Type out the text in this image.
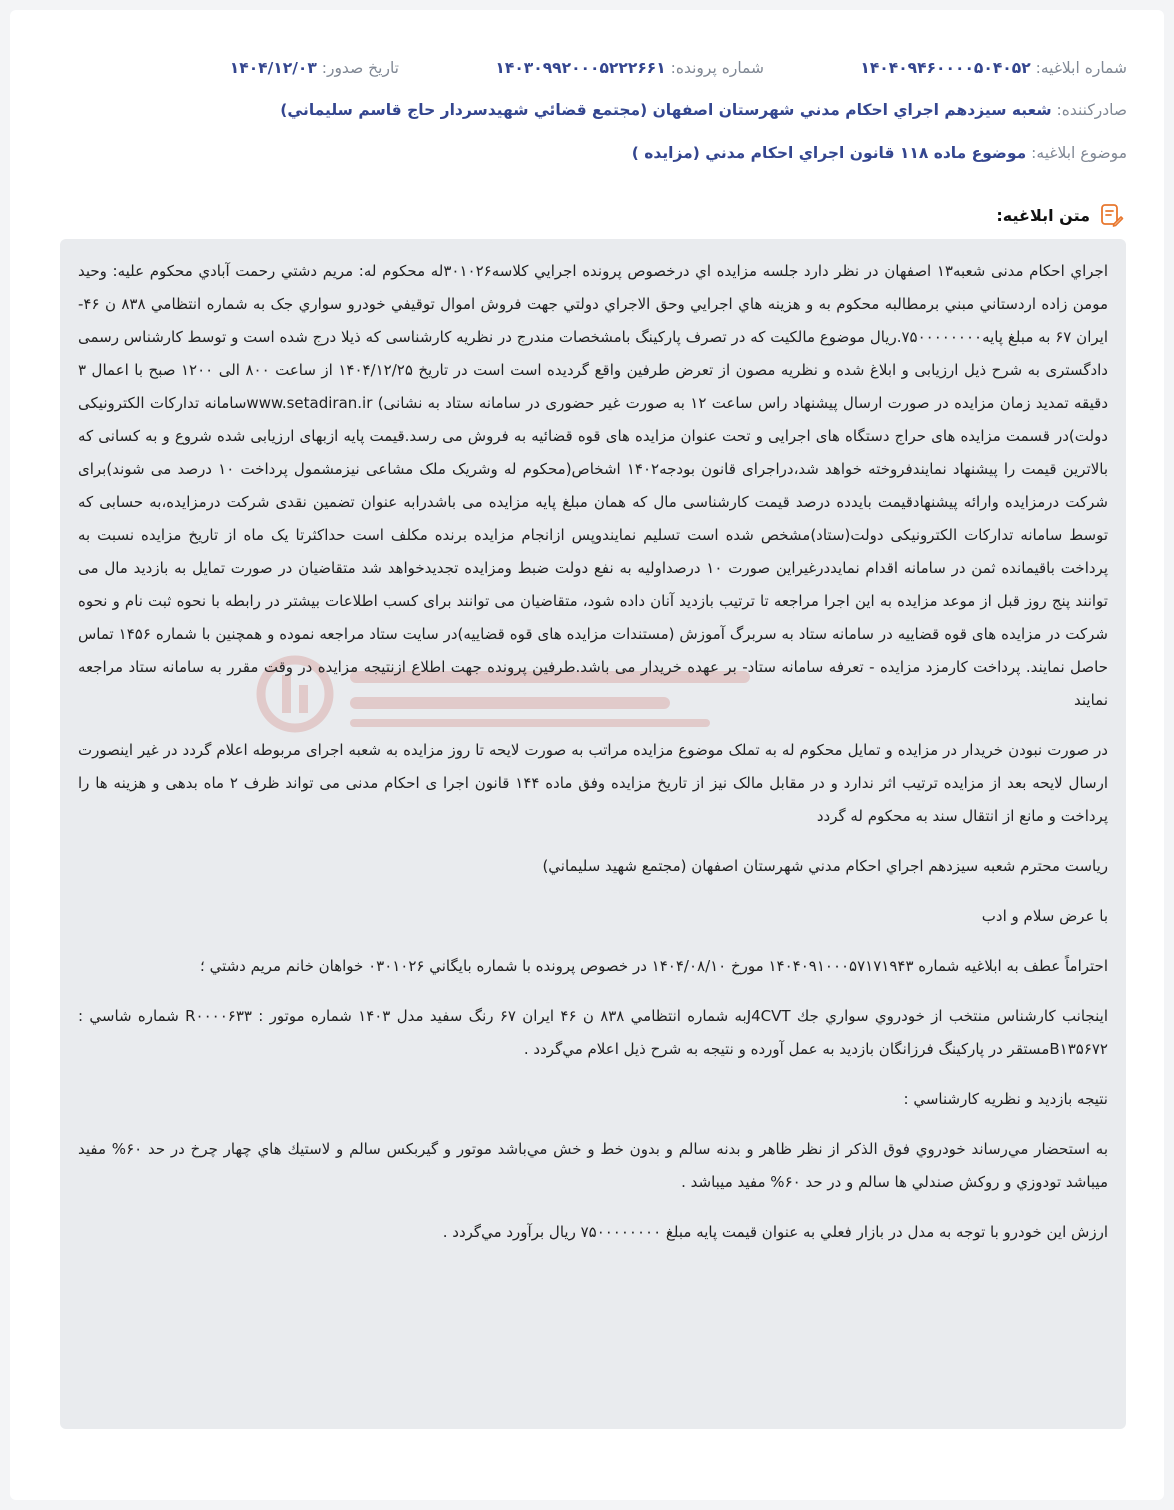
شماره ابلاغيه: ۱۴۰۴۰۹۴۶۰۰۰۰۵۰۴۰۵۲
شماره پرونده: ۱۴۰۳۰۹۹۲۰۰۰۵۲۲۲۶۶۱
تاريخ صدور: ۱۴۰۴/۱۲/۰۳
صادرکننده: شعبه سيزدهم اجراي احکام مدني شهرستان اصفهان (مجتمع قضائي شهيدسردار حاج قاسم سليماني)
موضوع ابلاغيه: موضوع ماده ۱۱۸ قانون اجراي احکام مدني (مزايده )
متن ابلاغيه:

اجراي احکام مدنی شعبه۱۳ اصفهان در نظر دارد جلسه مزايده اي درخصوص پرونده اجرايي کلاسه۳۰۱۰۲۶له محکوم له: مريم دشتي رحمت آبادي محکوم عليه: وحيد مومن زاده اردستاني مبني برمطالبه محکوم به و هزينه هاي اجرايي وحق الاجراي دولتي جهت فروش اموال توقيفي خودرو سواري جک به شماره انتظامي ۸۳۸ ن ۴۶-ايران ۶۷ به مبلغ پايه۷۵۰۰۰۰۰۰۰۰.ريال موضوع مالکيت که در تصرف پارکينگ بامشخصات مندرج در نظريه کارشناسی که ذيلا درج شده است و توسط کارشناس رسمی دادگستری به شرح ذيل ارزيابی و ابلاغ شده و نظريه مصون از تعرض طرفين واقع گرديده است است در تاريخ ۱۴۰۴/۱۲/۲۵ از ساعت ۸۰۰ الی ۱۲۰۰ صبح با اعمال ۳ دقيقه تمديد زمان مزايده در صورت ارسال پيشنهاد راس ساعت ۱۲ به صورت غير حضوری در سامانه ستاد به نشانی) www.setadiran.irسامانه تدارکات الکترونيکی دولت)در قسمت مزايده های حراج دستگاه های اجرايی و تحت عنوان مزايده های قوه قضائيه به فروش می رسد.قيمت پايه ازبهای ارزيابی شده شروع و به کسانی که بالاترين قيمت را پيشنهاد نمايندفروخته خواهد شد،دراجرای قانون بودجه۱۴۰۲ اشخاص(محکوم له وشريک ملک مشاعی نيزمشمول پرداخت ۱۰ درصد می شوند)برای شرکت درمزايده وارائه پيشنهادقيمت بايدده درصد قيمت کارشناسی مال که همان مبلغ پايه مزايده می باشدرابه عنوان تضمين نقدی شرکت درمزايده،به حسابی که توسط سامانه تدارکات الکترونيکی دولت(ستاد)مشخص شده است تسليم نمايندوپس ازانجام مزايده برنده مکلف است حداکثرتا يک ماه از تاريخ مزايده نسبت به پرداخت باقيمانده ثمن در سامانه اقدام نمايددرغيراين صورت ۱۰ درصداوليه به نفع دولت ضبط ومزايده تجديدخواهد شد متقاضيان در صورت تمايل به بازديد مال می توانند پنج روز قبل از موعد مزايده به اين اجرا مراجعه تا ترتيب بازديد آنان داده شود، متقاضيان می توانند برای کسب اطلاعات بيشتر در رابطه با نحوه ثبت نام و نحوه شرکت در مزايده های قوه قضاييه در سامانه ستاد به سربرگ آموزش (مستندات مزايده های قوه قضاييه)در سايت ستاد مراجعه نموده و همچنين با شماره ۱۴۵۶ تماس حاصل نمايند. پرداخت کارمزد مزايده - تعرفه سامانه ستاد- بر عهده خريدار می باشد.طرفين پرونده جهت اطلاع ازنتيجه مزايده در وقت مقرر به سامانه ستاد مراجعه نمايند

در صورت نبودن خريدار در مزايده و تمايل محکوم له به تملک موضوع مزايده مراتب به صورت لايحه تا روز مزايده به شعبه اجرای مربوطه اعلام گردد در غير اينصورت ارسال لايحه بعد از مزايده ترتيب اثر ندارد و در مقابل مالک نيز از تاريخ مزايده وفق ماده ۱۴۴ قانون اجرا ی احکام مدنی می تواند ظرف ۲ ماه بدهی و هزينه ها را پرداخت و مانع از انتقال سند به محکوم له گردد

رياست محترم شعبه سيزدهم اجراي احکام مدني شهرستان اصفهان (مجتمع شهيد سليماني)

با عرض سلام و ادب

احتراماً عطف به ابلاغيه شماره ۱۴۰۴۰۹۱۰۰۰۵۷۱۷۱۹۴۳ مورخ ۱۴۰۴/۰۸/۱۰ در خصوص پرونده با شماره بايگاني ۰۳۰۱۰۲۶ خواهان خانم مريم دشتي ؛

اينجانب کارشناس منتخب از خودروي سواري جك J4CVTبه شماره انتظامي ۸۳۸ ن ۴۶ ايران ۶۷ رنگ سفيد مدل ۱۴۰۳ شماره موتور : R۰۰۰۰۶۳۳ شماره شاسي : B۱۳۵۶۷۲مستقر در پارکينگ فرزانگان بازديد به عمل آورده و نتيجه به شرح ذيل اعلام مي‌گردد .

نتيجه بازديد و نظريه کارشناسي :

به استحضار مي‌رساند خودروي فوق الذکر از نظر ظاهر و بدنه سالم و بدون خط و خش مي‌باشد موتور و گيربکس سالم و لاستيك هاي چهار چرخ در حد ۶۰% مفيد ميباشد تودوزي و روكش صندلي ها سالم و در حد ۶۰% مفيد ميباشد .

ارزش اين خودرو با توجه به مدل در بازار فعلي به عنوان قيمت پايه مبلغ ۷۵۰۰۰۰۰۰۰۰ ريال برآورد مي‌گردد .
